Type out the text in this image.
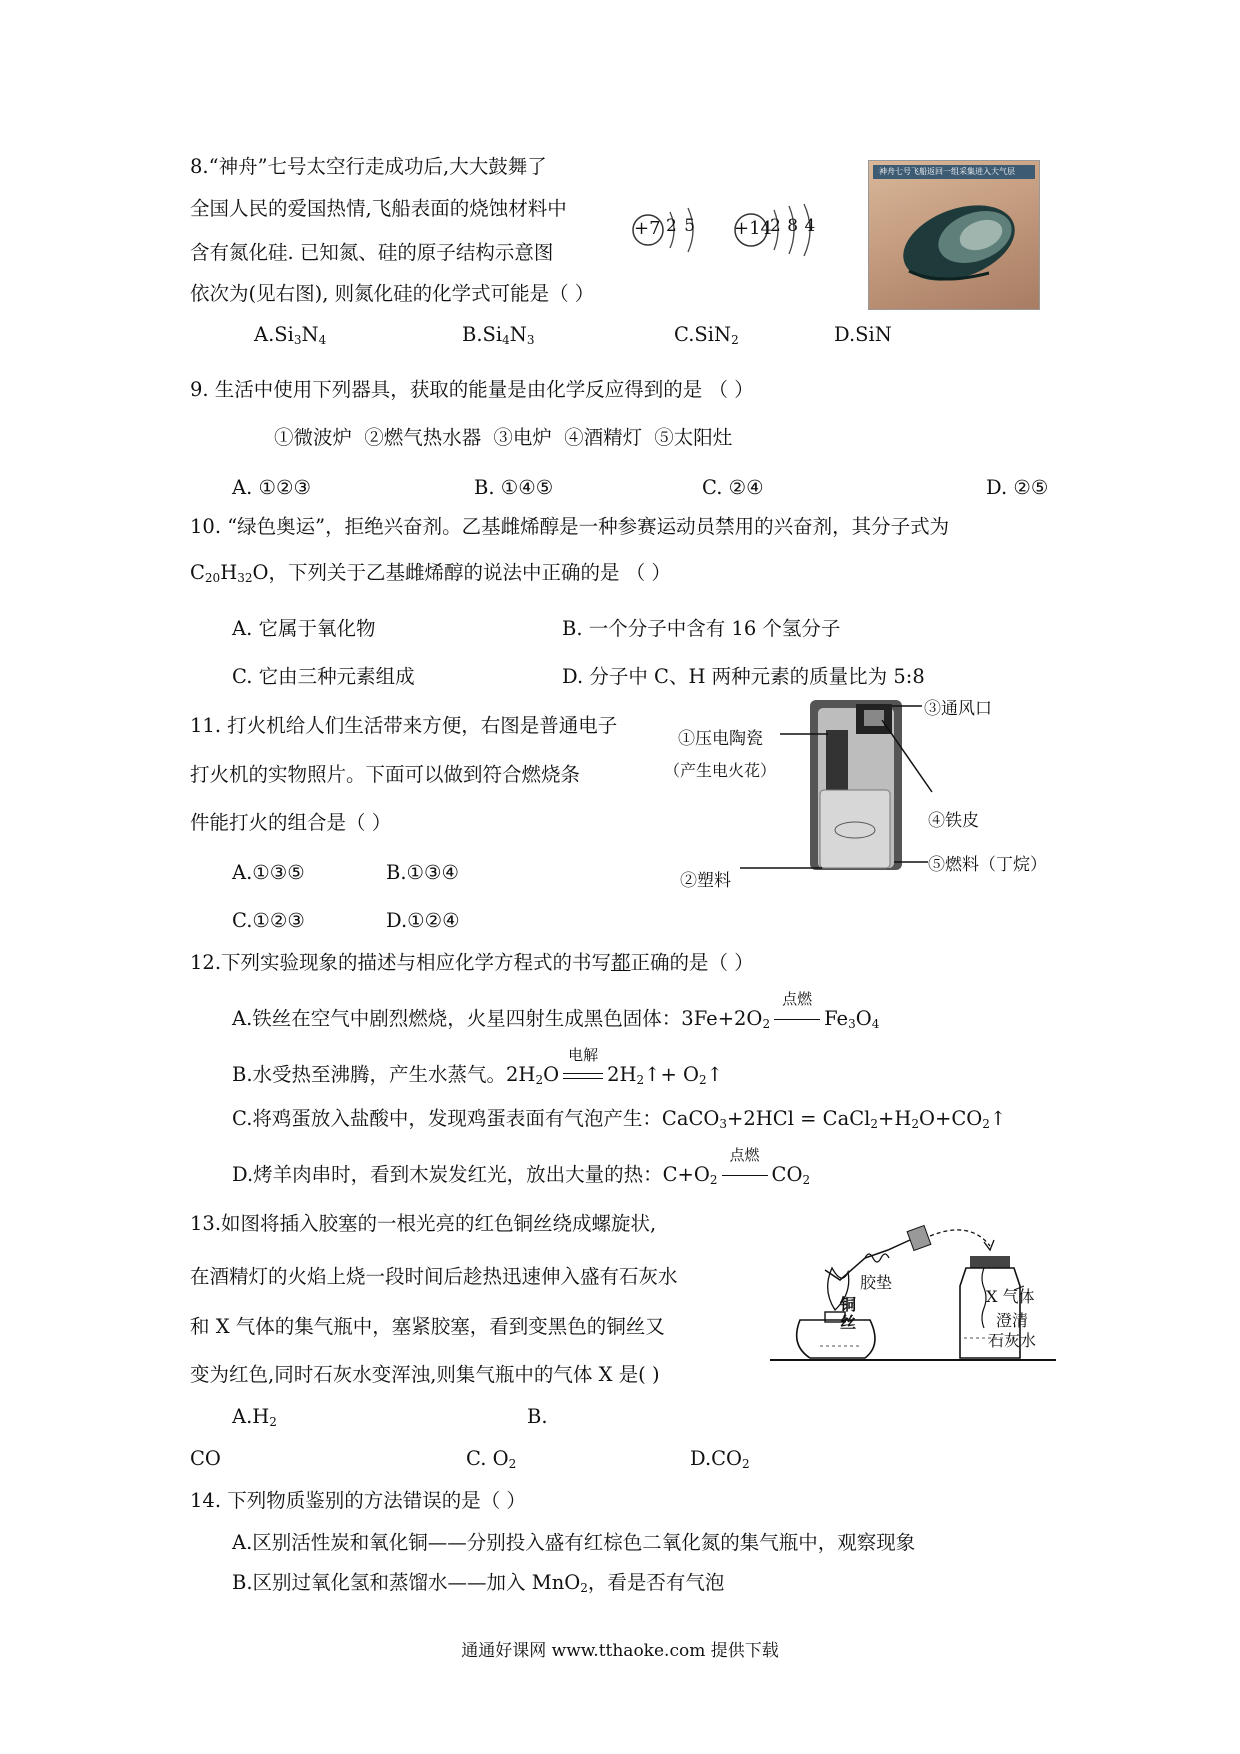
8.“神舟”七号太空行走成功后,大大鼓舞了
全国人民的爱国热情,飞船表面的烧蚀材料中
含有氮化硅. 已知氮、硅的原子结构示意图
依次为(见右图), 则氮化硅的化学式可能是（ ）
+7 2 5 +14
2 8 4
神舟七号飞船返回一组采集进入大气层
$A.Si_3N_4$	$B.Si_4N_3$	C.SiN$_2$	D.SiN
9. 生活中使用下列器具，获取的能量是由化学反应得到的是 （ ）
①微波炉 ②燃气热水器 ③电炉 ④酒精灯 ⑤太阳灶
A. ①②③	B. ①④⑤	C. ②④	D. ②⑤
10. “绿色奥运”，拒绝兴奋剂。乙基雌烯醇是一种参赛运动员禁用的兴奋剂，其分子式为
$C_{20}H_{32}O$，下列关于乙基雌烯醇的说法中正确的是 （ ）
A. 它属于氧化物	B. 一个分子中含有 16 个氢分子
C. 它由三种元素组成	D. 分子中 C、H 两种元素的质量比为 5:8
11. 打火机给人们生活带来方便，右图是普通电子
打火机的实物照片。下面可以做到符合燃烧条
件能打火的组合是（ ）
A.①③⑤	B.①③④
C.①②③	D.①②④
①压电陶瓷
（产生电火花）
③通风口
④铁皮
②塑料
⑤燃料（丁烷）
12.下列实验现象的描述与相应化学方程式的书写都正确的是（ ）
A.铁丝在空气中剧烈燃烧，火星四射生成黑色固体：$3Fe+2O_2$
点燃
$Fe_3O_4$
B.水受热至沸腾，产生水蒸气。$2H_2O$
电解
$2H_2↑+$ $O_2↑$
C.将鸡蛋放入盐酸中，发现鸡蛋表面有气泡产生：CaCO$_3$+2HCl = $CaCl_2+H_2O+CO_2↑$
D.烤羊肉串时，看到木炭发红光，放出大量的热：$C+O_2$
点燃
$CO_2$
13.如图将插入胶塞的一根光亮的红色铜丝绕成螺旋状,
在酒精灯的火焰上烧一段时间后趁热迅速伸入盛有石灰水
和 X 气体的集气瓶中，塞紧胶塞，看到变黑色的铜丝又
变为红色,同时石灰水变浑浊,则集气瓶中的气体 X 是( )
$A.H_2$	B.
CO	C. $O_2$	$D.CO_2$
胶垫
铜丝
X 气体
澄清
石灰水
14. 下列物质鉴别的方法错误的是（ ）
A.区别活性炭和氧化铜——分别投入盛有红棕色二氧化氮的集气瓶中，观察现象
B.区别过氧化氢和蒸馏水——加入 MnO$_2$，看是否有气泡
通通好课网 www.tthaoke.com 提供下载
